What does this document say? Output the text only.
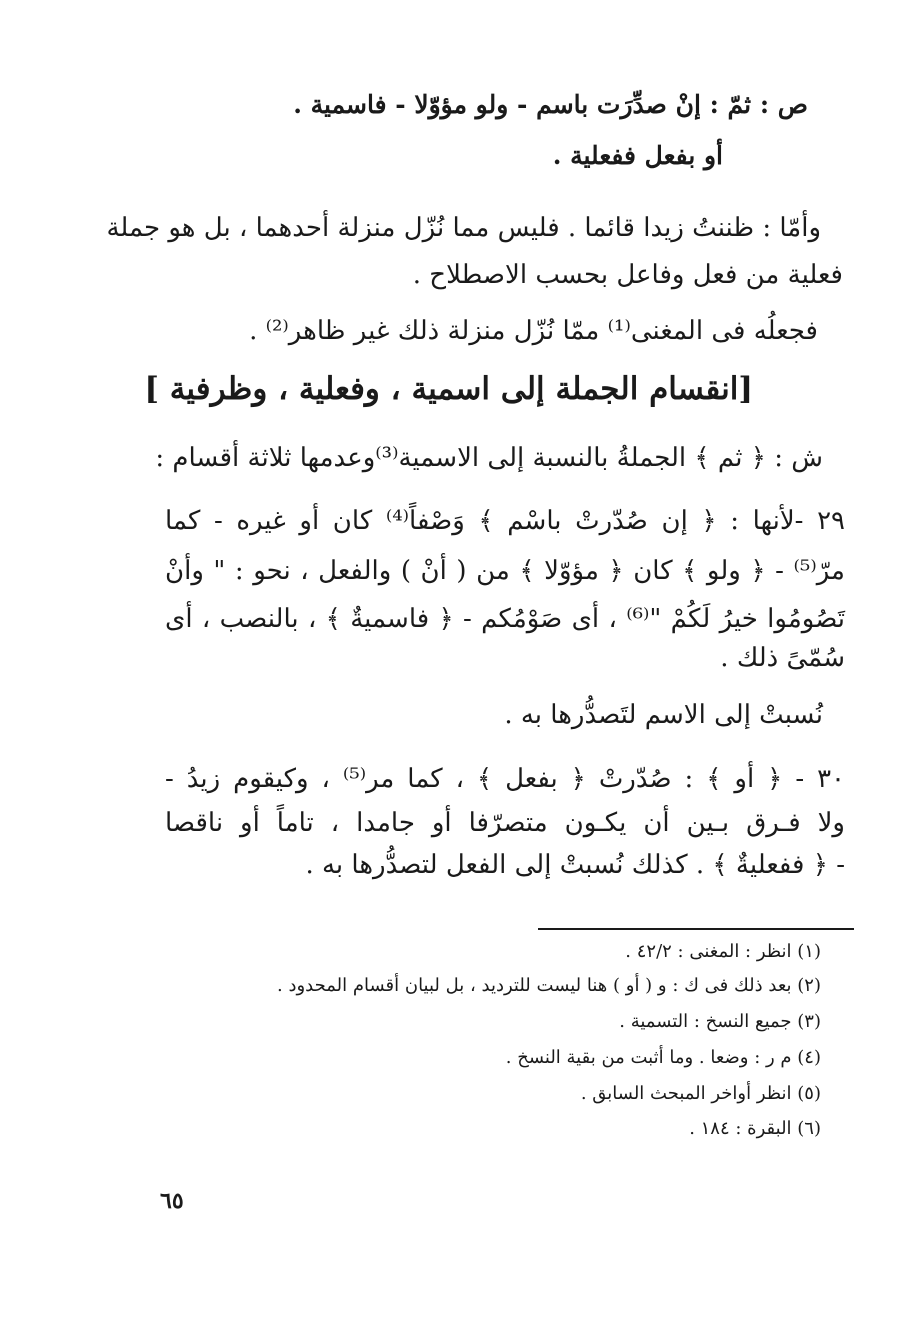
ص : ثمّ : إنْ صدِّرَت باسم - ولو مؤوّلا - فاسمية .
أو بفعل ففعلية .
وأمّا : ظننتُ زيدا قائما . فليس مما نُزّل منزلة أحدهما ، بل هو جملة
فعلية من فعل وفاعل بحسب الاصطلاح .
فجعلُه فى المغنى⁽¹⁾ ممّا نُزّل منزلة ذلك غير ظاهر⁽²⁾ .
[انقسام الجملة إلى اسمية ، وفعلية ، وظرفية ]
ش : ﴿ ثم ﴾ الجملةُ بالنسبة إلى الاسمية⁽³⁾وعدمها ثلاثة أقسام :
٢٩ -لأنها : ﴿ إن صُدّرتْ باسْم ﴾ وَصْفاً⁽⁴⁾ كان أو غيره - كما
مرّ⁽⁵⁾ - ﴿ ولو ﴾ كان ﴿ مؤوّلا ﴾ من ( أنْ ) والفعل ، نحو : " وأنْ
تَصُومُوا خيرُ لَكُمْ "⁽⁶⁾ ، أى صَوْمُكم - ﴿ فاسميةٌ ﴾ ، بالنصب ، أى
سُمّىً ذلك .
نُسبتْ إلى الاسم لتَصدُّرها به .
٣٠ - ﴿ أو ﴾ : صُدّرتْ ﴿ بفعل ﴾ ، كما مر⁽⁵⁾ ، وكيقوم زيدُ -
ولا فـرق بـين أن يكـون متصرّفا أو جامدا ، تاماً أو ناقصا
- ﴿ ففعليةٌ ﴾ . كذلك نُسبتْ إلى الفعل لتصدُّرها به .
(١) انظر : المغنى : ٤٢/٢ .
(٢) بعد ذلك فى ك : و ( أو ) هنا ليست للترديد ، بل لبيان أقسام المحدود .
(٣) جميع النسخ : التسمية .
(٤) م ر : وضعا . وما أثبت من بقية النسخ .
(٥) انظر أواخر المبحث السابق .
(٦) البقرة : ١٨٤ .
٦٥
